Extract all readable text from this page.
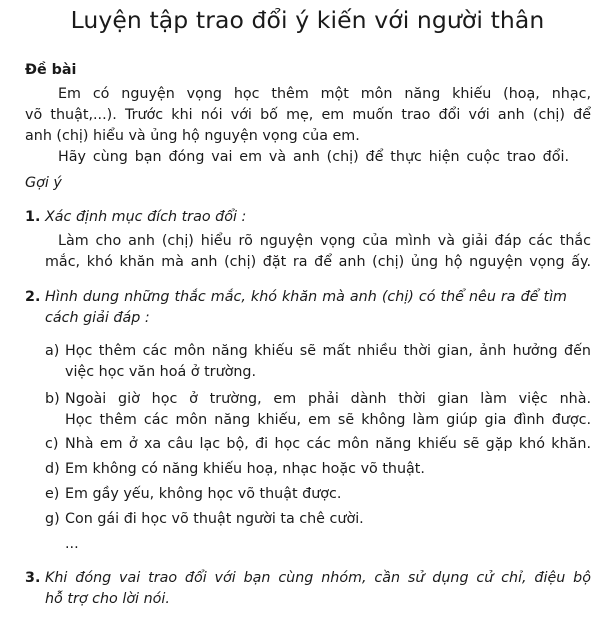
Luyện tập trao đổi ý kiến với người thân
Đề bài
Em có nguyện vọng học thêm một môn năng khiếu (hoạ, nhạc,
võ thuật,...). Trước khi nói với bố mẹ, em muốn trao đổi với anh (chị) để
anh (chị) hiểu và ủng hộ nguyện vọng của em.
Hãy cùng bạn đóng vai em và anh (chị) để thực hiện cuộc trao đổi.
Gợi ý
1. Xác định mục đích trao đổi :
Làm cho anh (chị) hiểu rõ nguyện vọng của mình và giải đáp các thắc
mắc, khó khăn mà anh (chị) đặt ra để anh (chị) ủng hộ nguyện vọng ấy.
2. Hình dung những thắc mắc, khó khăn mà anh (chị) có thể nêu ra để tìm
cách giải đáp :
a) Học thêm các môn năng khiếu sẽ mất nhiều thời gian, ảnh hưởng đến
việc học văn hoá ở trường.
b) Ngoài giờ học ở trường, em phải dành thời gian làm việc nhà.
Học thêm các môn năng khiếu, em sẽ không làm giúp gia đình được.
c) Nhà em ở xa câu lạc bộ, đi học các môn năng khiếu sẽ gặp khó khăn.
d) Em không có năng khiếu hoạ, nhạc hoặc võ thuật.
e) Em gầy yếu, không học võ thuật được.
g) Con gái đi học võ thuật người ta chê cười.
...
3. Khi đóng vai trao đổi với bạn cùng nhóm, cần sử dụng cử chỉ, điệu bộ
hỗ trợ cho lời nói.
